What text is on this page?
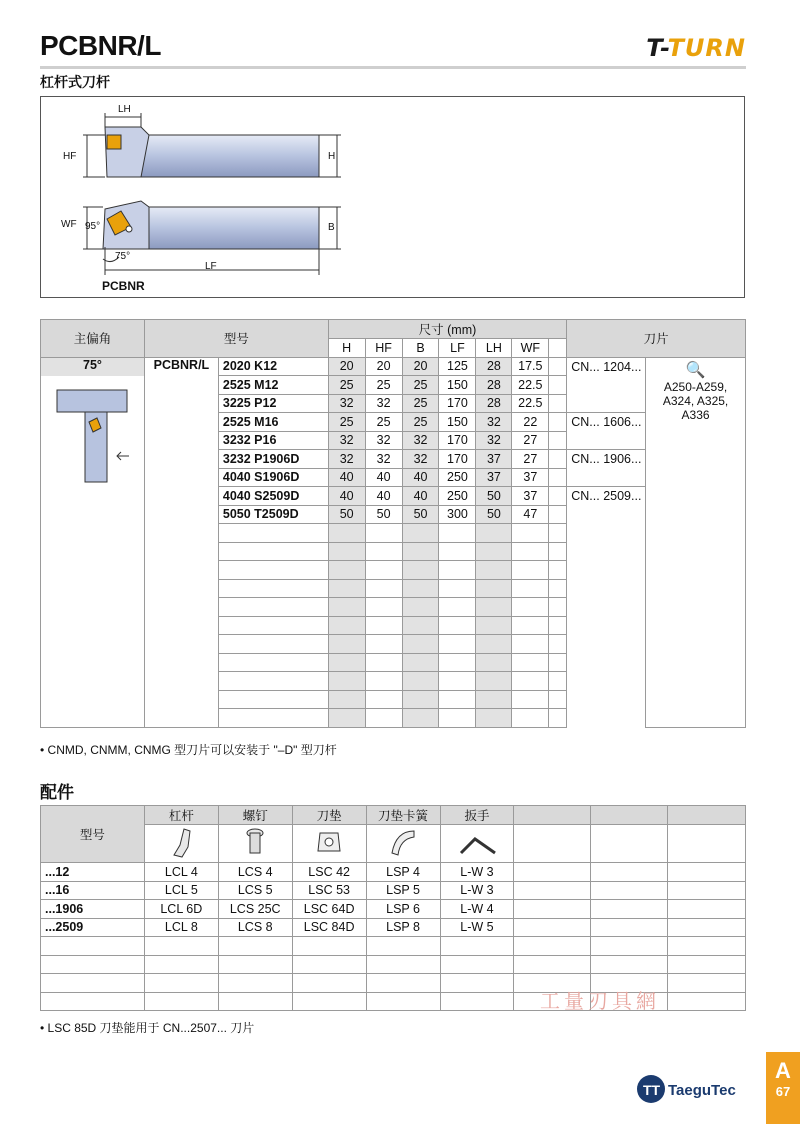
PCBNR/L	T-TURN
杠杆式刀杆
LH
HF	H
WF	B
LF
95°
75°
PCBNR
主偏角	型号		尺寸 (mm)							刀片	
			H	HF	B	LF	LH	WF			

75°	PCBNR/L	2020 K12	20	20	20	125	28	17.5		CN... 1204...	🔍
A250-A259,
A324, A325,
A336

		2525 M12	25	25	25	150	28	22.5			
		3225 P12	32	32	25	170	28	22.5			
		2525 M16	25	25	25	150	32	22		CN... 1606...	
		3232 P16	32	32	32	170	32	27			
		3232 P1906D	32	32	32	170	37	27		CN... 1906...	
		4040 S1906D	40	40	40	250	37	37			
		4040 S2509D	40	40	40	250	50	37		CN... 2509...	
		5050 T2509D	50	50	50	300	50	47			

• CNMD, CNMM, CNMG 型刀片可以安装于 "–D" 型刀杆
配件
型号	杠杆	螺钉	刀垫	刀垫卡簧	扳手			

...12	LCL 4	LCS 4	LSC 42	LSP 4	L-W 3			
...16	LCL 5	LCS 5	LSC 53	LSP 5	L-W 3			
...1906	LCL 6D	LCS 25C	LSC 64D	LSP 6	L-W 4			
...2509	LCL 8	LCS 8	LSC 84D	LSP 8	L-W 5			

• LSC 85D 刀垫能用于 CN...2507... 刀片
工量刃具網
TT TaeguTec
A
67
